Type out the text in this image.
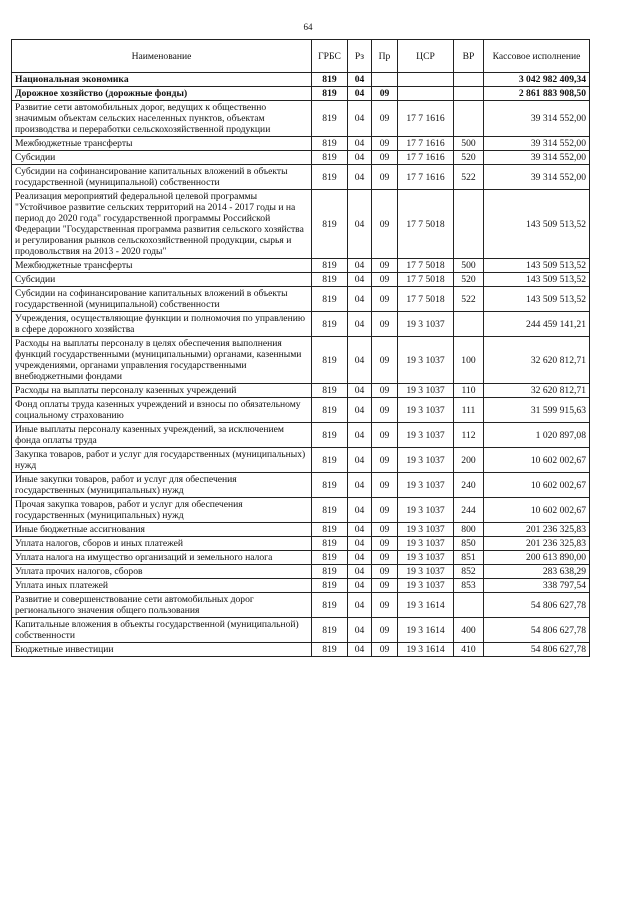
64
Наименование	ГРБС	Рз	Пр	ЦСР	ВР	Кассовое исполнение
Национальная экономика	819	04				3 042 982 409,34
Дорожное хозяйство (дорожные фонды)	819	04	09			2 861 883 908,50
Развитие сети автомобильных дорог, ведущих к общественно значимым объектам сельских населенных пунктов, объектам производства и переработки сельскохозяйственной продукции	819	04	09	17 7 1616		39 314 552,00
Межбюджетные трансферты	819	04	09	17 7 1616	500	39 314 552,00
Субсидии	819	04	09	17 7 1616	520	39 314 552,00
Субсидии на софинансирование капитальных вложений в объекты государственной (муниципальной) собственности	819	04	09	17 7 1616	522	39 314 552,00
Реализация мероприятий федеральной целевой программы "Устойчивое развитие сельских территорий на 2014 - 2017 годы и на период до 2020 года" государственной программы Российской Федерации "Государственная программа развития сельского хозяйства и регулирования рынков сельскохозяйственной продукции, сырья и продовольствия на 2013 - 2020 годы"	819	04	09	17 7 5018		143 509 513,52
Межбюджетные трансферты	819	04	09	17 7 5018	500	143 509 513,52
Субсидии	819	04	09	17 7 5018	520	143 509 513,52
Субсидии на софинансирование капитальных вложений в объекты государственной (муниципальной) собственности	819	04	09	17 7 5018	522	143 509 513,52
Учреждения, осуществляющие функции и полномочия по управлению в сфере дорожного хозяйства	819	04	09	19 3 1037		244 459 141,21
Расходы на выплаты персоналу в целях обеспечения выполнения функций государственными (муниципальными) органами, казенными учреждениями, органами управления государственными внебюджетными фондами	819	04	09	19 3 1037	100	32 620 812,71
Расходы на выплаты персоналу казенных учреждений	819	04	09	19 3 1037	110	32 620 812,71
Фонд оплаты труда казенных учреждений и взносы по обязательному социальному страхованию	819	04	09	19 3 1037	111	31 599 915,63
Иные выплаты персоналу казенных учреждений, за исключением фонда оплаты труда	819	04	09	19 3 1037	112	1 020 897,08
Закупка товаров, работ и услуг для государственных (муниципальных) нужд	819	04	09	19 3 1037	200	10 602 002,67
Иные закупки товаров, работ и услуг для обеспечения государственных (муниципальных) нужд	819	04	09	19 3 1037	240	10 602 002,67
Прочая закупка товаров, работ и услуг для обеспечения государственных (муниципальных) нужд	819	04	09	19 3 1037	244	10 602 002,67
Иные бюджетные ассигнования	819	04	09	19 3 1037	800	201 236 325,83
Уплата налогов, сборов и иных платежей	819	04	09	19 3 1037	850	201 236 325,83
Уплата налога на имущество организаций и земельного налога	819	04	09	19 3 1037	851	200 613 890,00
Уплата прочих налогов, сборов	819	04	09	19 3 1037	852	283 638,29
Уплата иных платежей	819	04	09	19 3 1037	853	338 797,54
Развитие и совершенствование сети автомобильных дорог регионального значения общего пользования	819	04	09	19 3 1614		54 806 627,78
Капитальные вложения в объекты государственной (муниципальной) собственности	819	04	09	19 3 1614	400	54 806 627,78
Бюджетные инвестиции	819	04	09	19 3 1614	410	54 806 627,78
